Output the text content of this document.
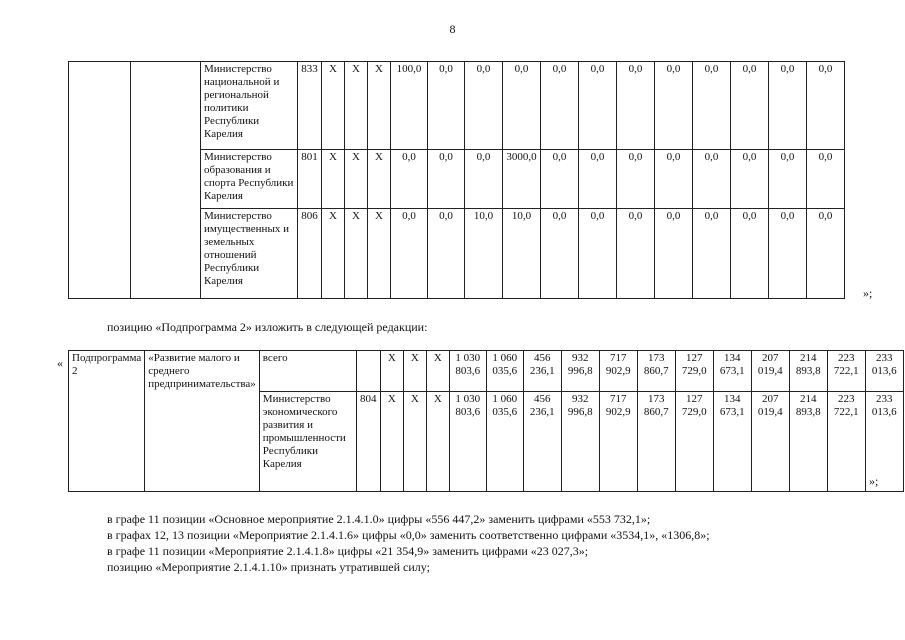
8
		Министерство национальной и региональной политики Республики Карелия	833	Х	Х	Х	100,0	0,0	0,0	0,0	0,0	0,0	0,0	0,0	0,0	0,0	0,0	0,0
		Министерство образования и спорта Республики Карелия	801	Х	Х	Х	0,0	0,0	0,0	3000,0	0,0	0,0	0,0	0,0	0,0	0,0	0,0	0,0
		Министерство имущественных и земельных отношений Республики Карелия	806	Х	Х	Х	0,0	0,0	10,0	10,0	0,0	0,0	0,0	0,0	0,0	0,0	0,0	0,0
»;
позицию «Подпрограмма 2» изложить в следующей редакции:
« Подпрограмма 2	«Развитие малого и среднего предпринимательства»	всего		Х	Х	Х	1 030 803,6	1 060 035,6	456 236,1	932 996,8	717 902,9	173 860,7	127 729,0	134 673,1	207 019,4	214 893,8	223 722,1	233 013,6
		Министерство экономического развития и промышленности Республики Карелия	804	Х	Х	Х	1 030 803,6	1 060 035,6	456 236,1	932 996,8	717 902,9	173 860,7	127 729,0	134 673,1	207 019,4	214 893,8	223 722,1	233 013,6
»;
в графе 11 позиции «Основное мероприятие 2.1.4.1.0» цифры «556 447,2» заменить цифрами «553 732,1»;
в графах 12, 13 позиции «Мероприятие 2.1.4.1.6» цифры «0,0» заменить соответственно цифрами «3534,1», «1306,8»;
в графе 11 позиции «Мероприятие 2.1.4.1.8» цифры «21 354,9» заменить цифрами «23 027,3»;
позицию «Мероприятие 2.1.4.1.10» признать утратившей силу;
